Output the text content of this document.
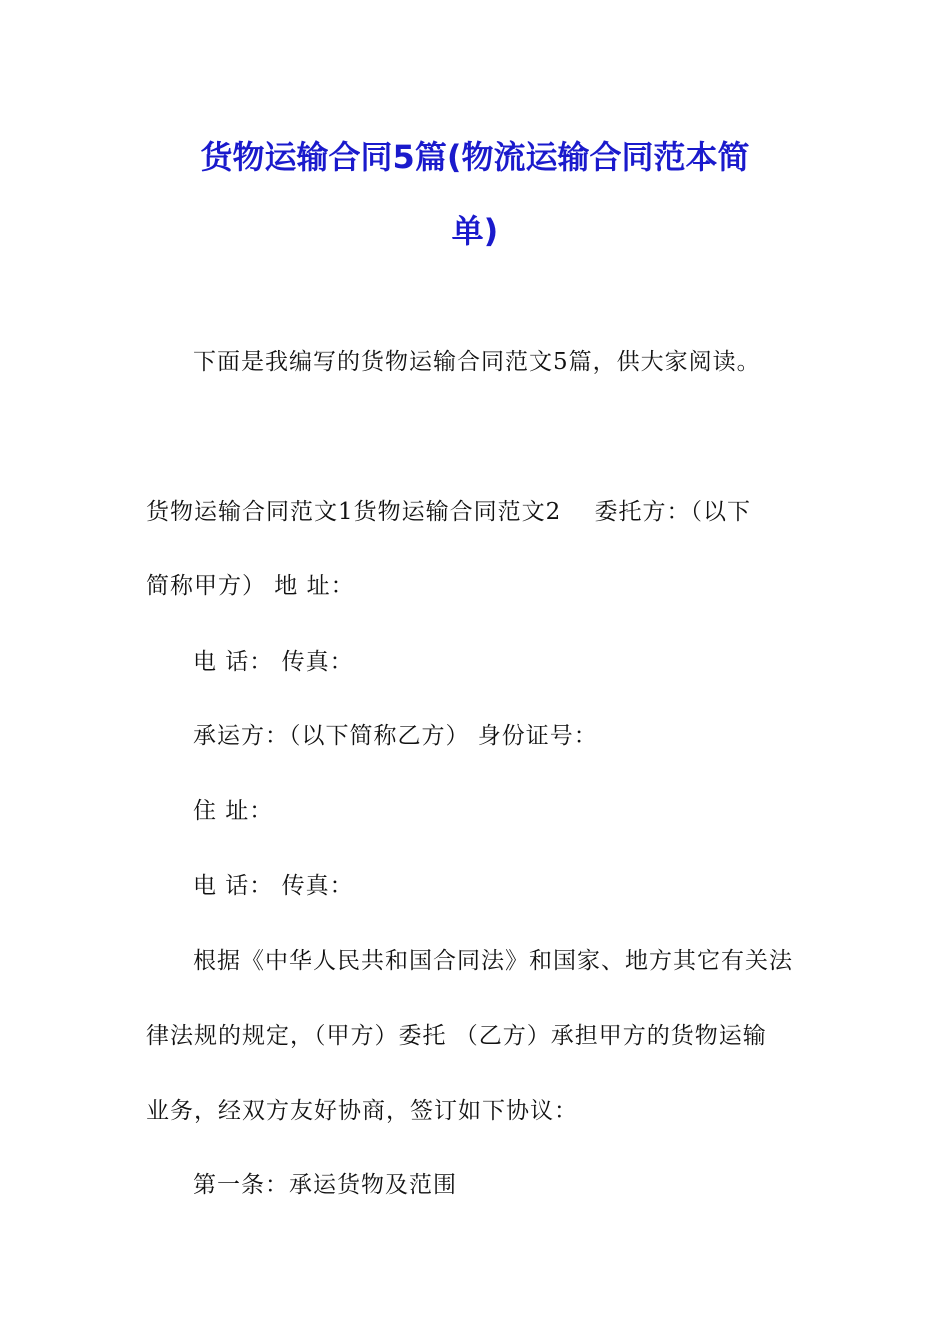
货物运输合同5篇(物流运输合同范本简
单)
下面是我编写的货物运输合同范文5篇，供大家阅读。
货物运输合同范文1货物运输合同范文2    委托方：（以下
简称甲方） 地 址：
电 话： 传真：
承运方：（以下简称乙方） 身份证号：
住 址：
电 话： 传真：
根据《中华人民共和国合同法》和国家、地方其它有关法
律法规的规定，（甲方）委托 （乙方）承担甲方的货物运输
业务，经双方友好协商，签订如下协议：
第一条：承运货物及范围
